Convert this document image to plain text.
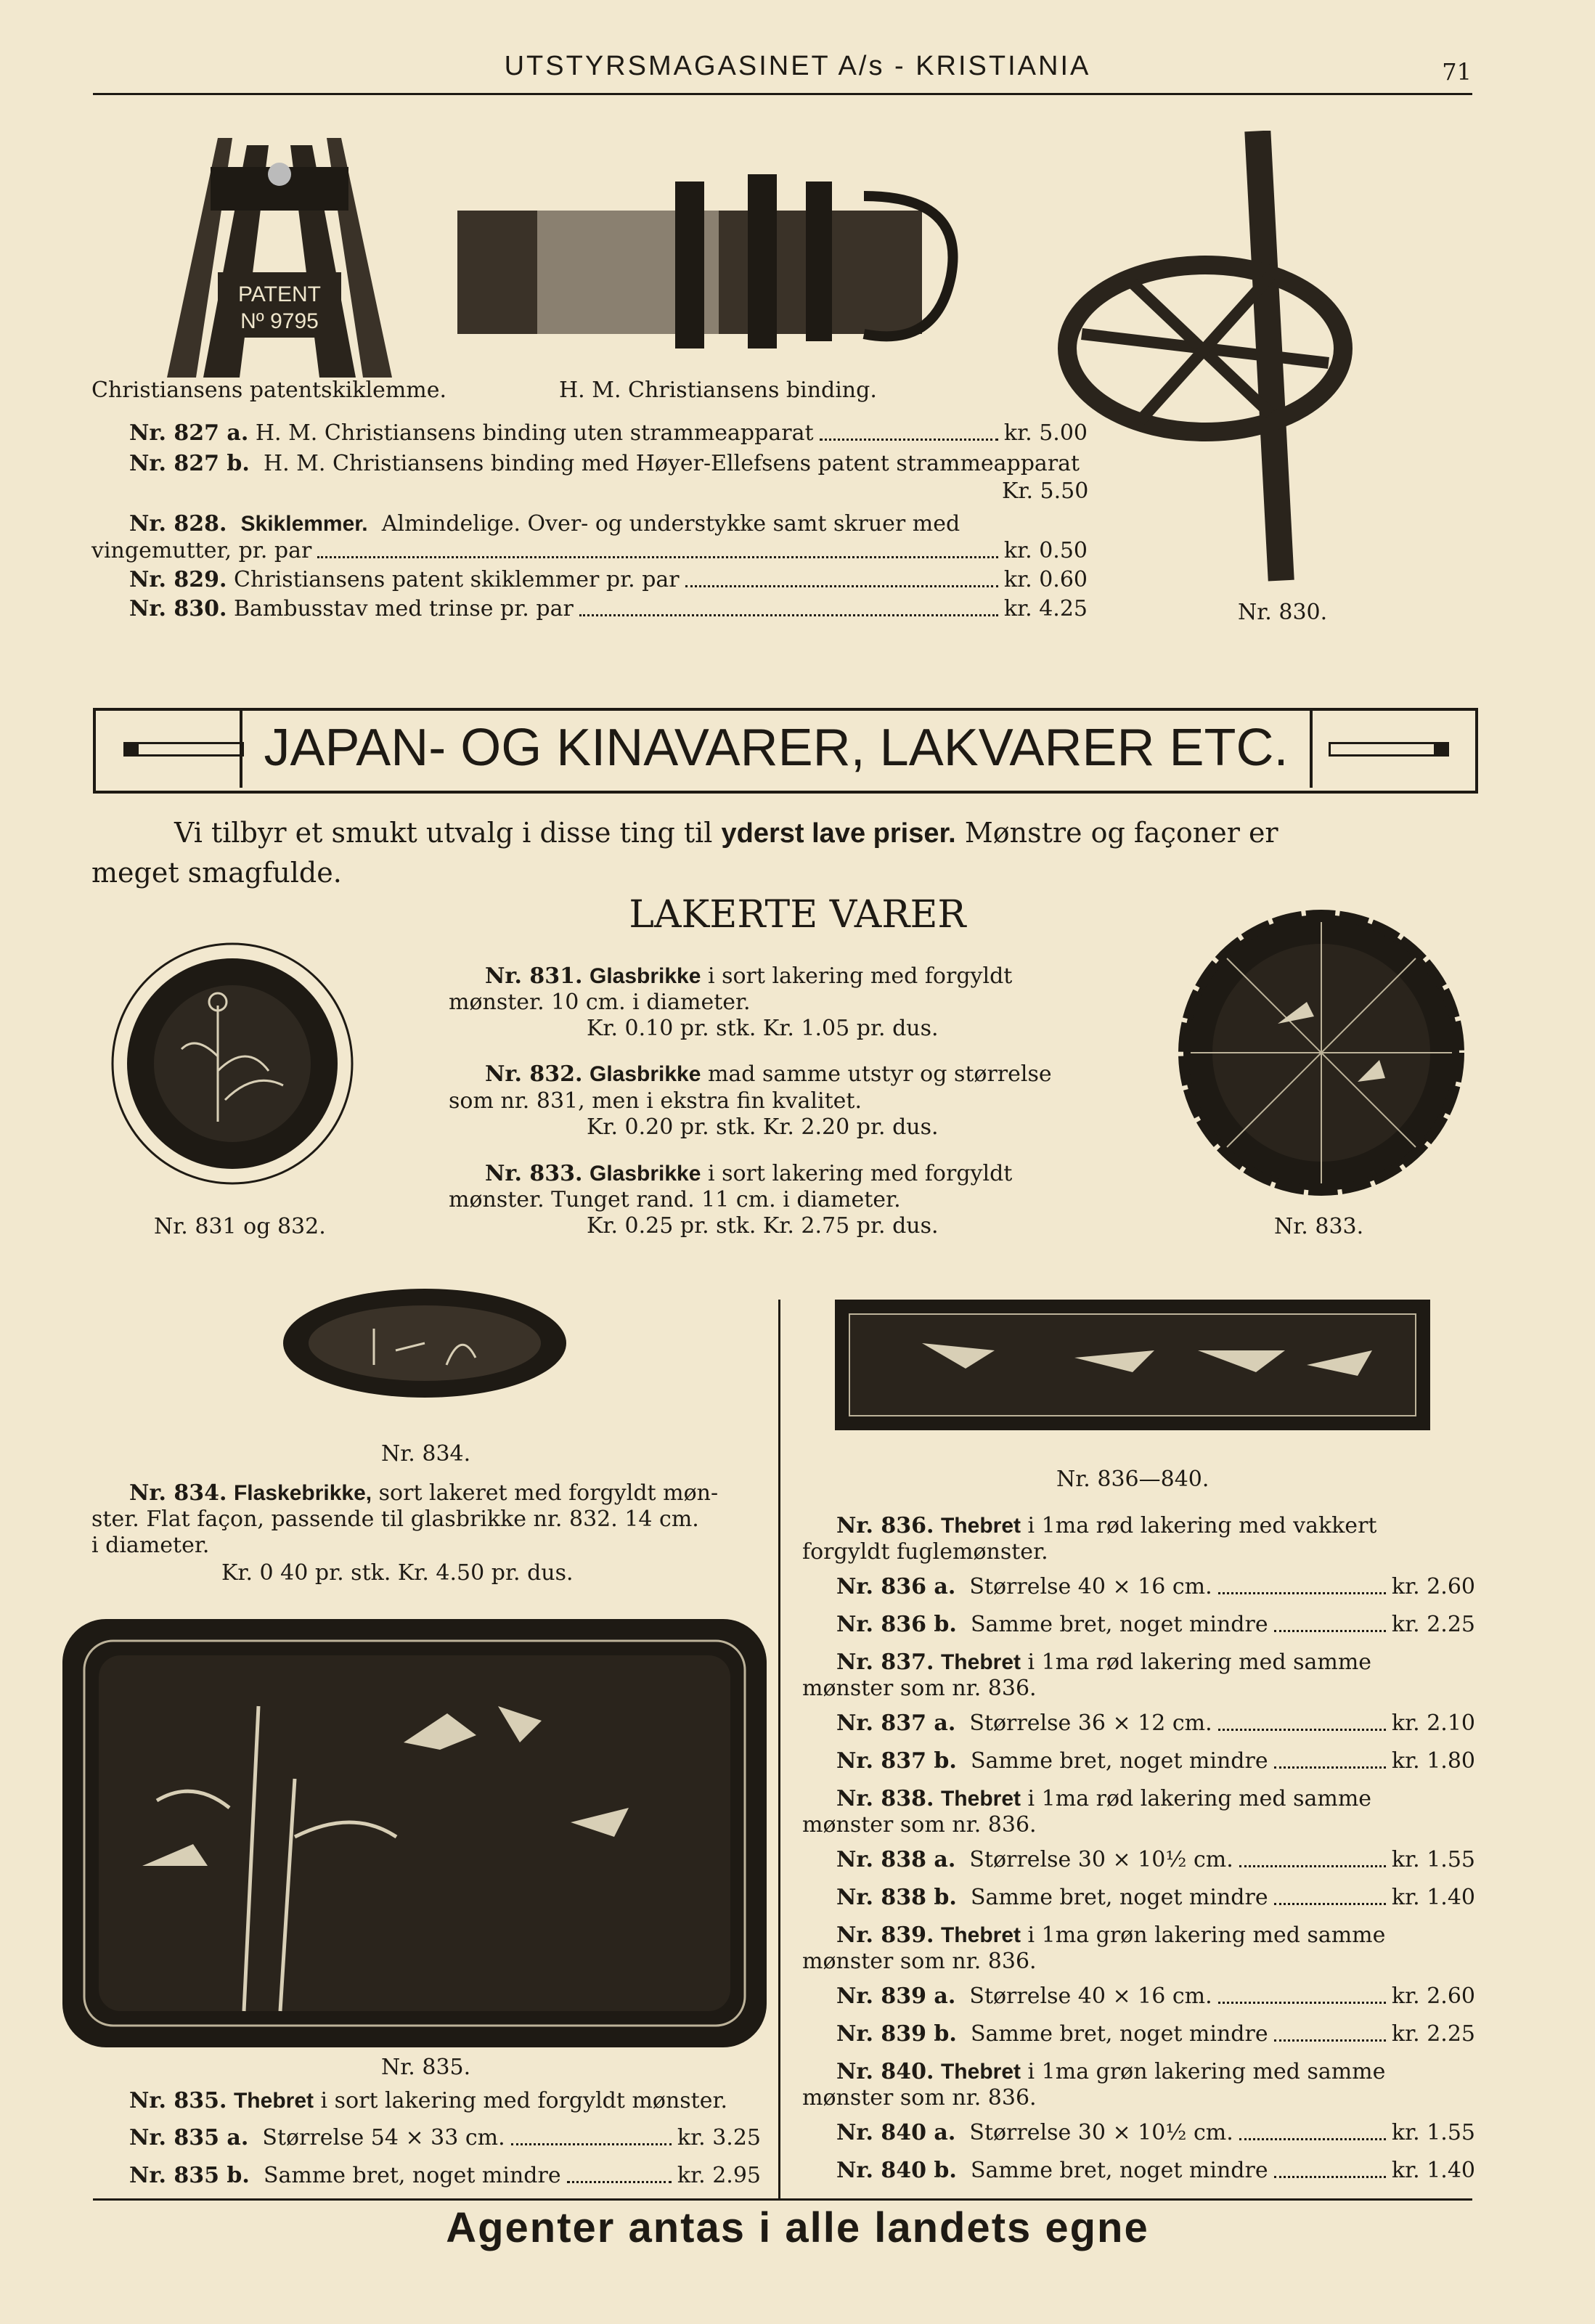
UTSTYRSMAGASINET A/s - KRISTIANIA	71
PATENT
Nº 9795
Christiansens patentskiklemme.	H. M. Christiansens binding.
Nr. 827 a.
H. M. Christiansens binding uten strammeapparat	kr. 5.00
Nr. 827 b. H. M. Christiansens binding med Høyer-Ellefsens patent strammeapparat
Kr. 5.50
Nr. 828. Skiklemmer. Almindelige. Over- og understykke samt skruer med
vingemutter, pr. par	kr. 0.50
Nr. 829.
Christiansens patent skiklemmer pr. par	kr. 0.60
Nr. 830.
Bambusstav med trinse pr. par	kr. 4.25	Nr. 830.
JAPAN- OG KINAVARER, LAKVARER ETC.
Vi tilbyr et smukt utvalg i disse ting til yderst lave priser. Mønstre og façoner er
meget smagfulde.
LAKERTE VARER
Nr. 831 og 832.	Nr. 833.
Nr. 831. Glasbrikke i sort lakering med forgyldt
mønster. 10 cm. i diameter.
Kr. 0.10 pr. stk. Kr. 1.05 pr. dus.
Nr. 832. Glasbrikke mad samme utstyr og størrelse
som nr. 831, men i ekstra fin kvalitet.
Kr. 0.20 pr. stk. Kr. 2.20 pr. dus.
Nr. 833. Glasbrikke i sort lakering med forgyldt
mønster. Tunget rand. 11 cm. i diameter.
Kr. 0.25 pr. stk. Kr. 2.75 pr. dus.
Nr. 834.
Nr. 834. Flaskebrikke, sort lakeret med forgyldt møn-
ster. Flat façon, passende til glasbrikke nr. 832. 14 cm.
i diameter.
Kr. 0 40 pr. stk. Kr. 4.50 pr. dus.
Nr. 835.
Nr. 835. Thebret i sort lakering med forgyldt mønster.
Nr. 835 a.
Størrelse 54 × 33 cm.	kr. 3.25
Nr. 835 b.
Samme bret, noget mindre	kr. 2.95
Nr. 836—840.
Nr. 836. Thebret i 1ma rød lakering med vakkert
forgyldt fuglemønster.
Nr. 836 a.
Størrelse 40 × 16 cm.	kr. 2.60
Nr. 836 b.
Samme bret, noget mindre	kr. 2.25
Nr. 837. Thebret i 1ma rød lakering med samme
mønster som nr. 836.
Nr. 837 a.
Størrelse 36 × 12 cm.	kr. 2.10
Nr. 837 b.
Samme bret, noget mindre	kr. 1.80
Nr. 838. Thebret i 1ma rød lakering med samme
mønster som nr. 836.
Nr. 838 a.
Størrelse 30 × 10½ cm.	kr. 1.55
Nr. 838 b.
Samme bret, noget mindre	kr. 1.40
Nr. 839. Thebret i 1ma grøn lakering med samme
mønster som nr. 836.
Nr. 839 a.
Størrelse 40 × 16 cm.	kr. 2.60
Nr. 839 b.
Samme bret, noget mindre	kr. 2.25
Nr. 840. Thebret i 1ma grøn lakering med samme
mønster som nr. 836.
Nr. 840 a.
Størrelse 30 × 10½ cm.	kr. 1.55
Nr. 840 b.
Samme bret, noget mindre	kr. 1.40
Agenter antas i alle landets egne
